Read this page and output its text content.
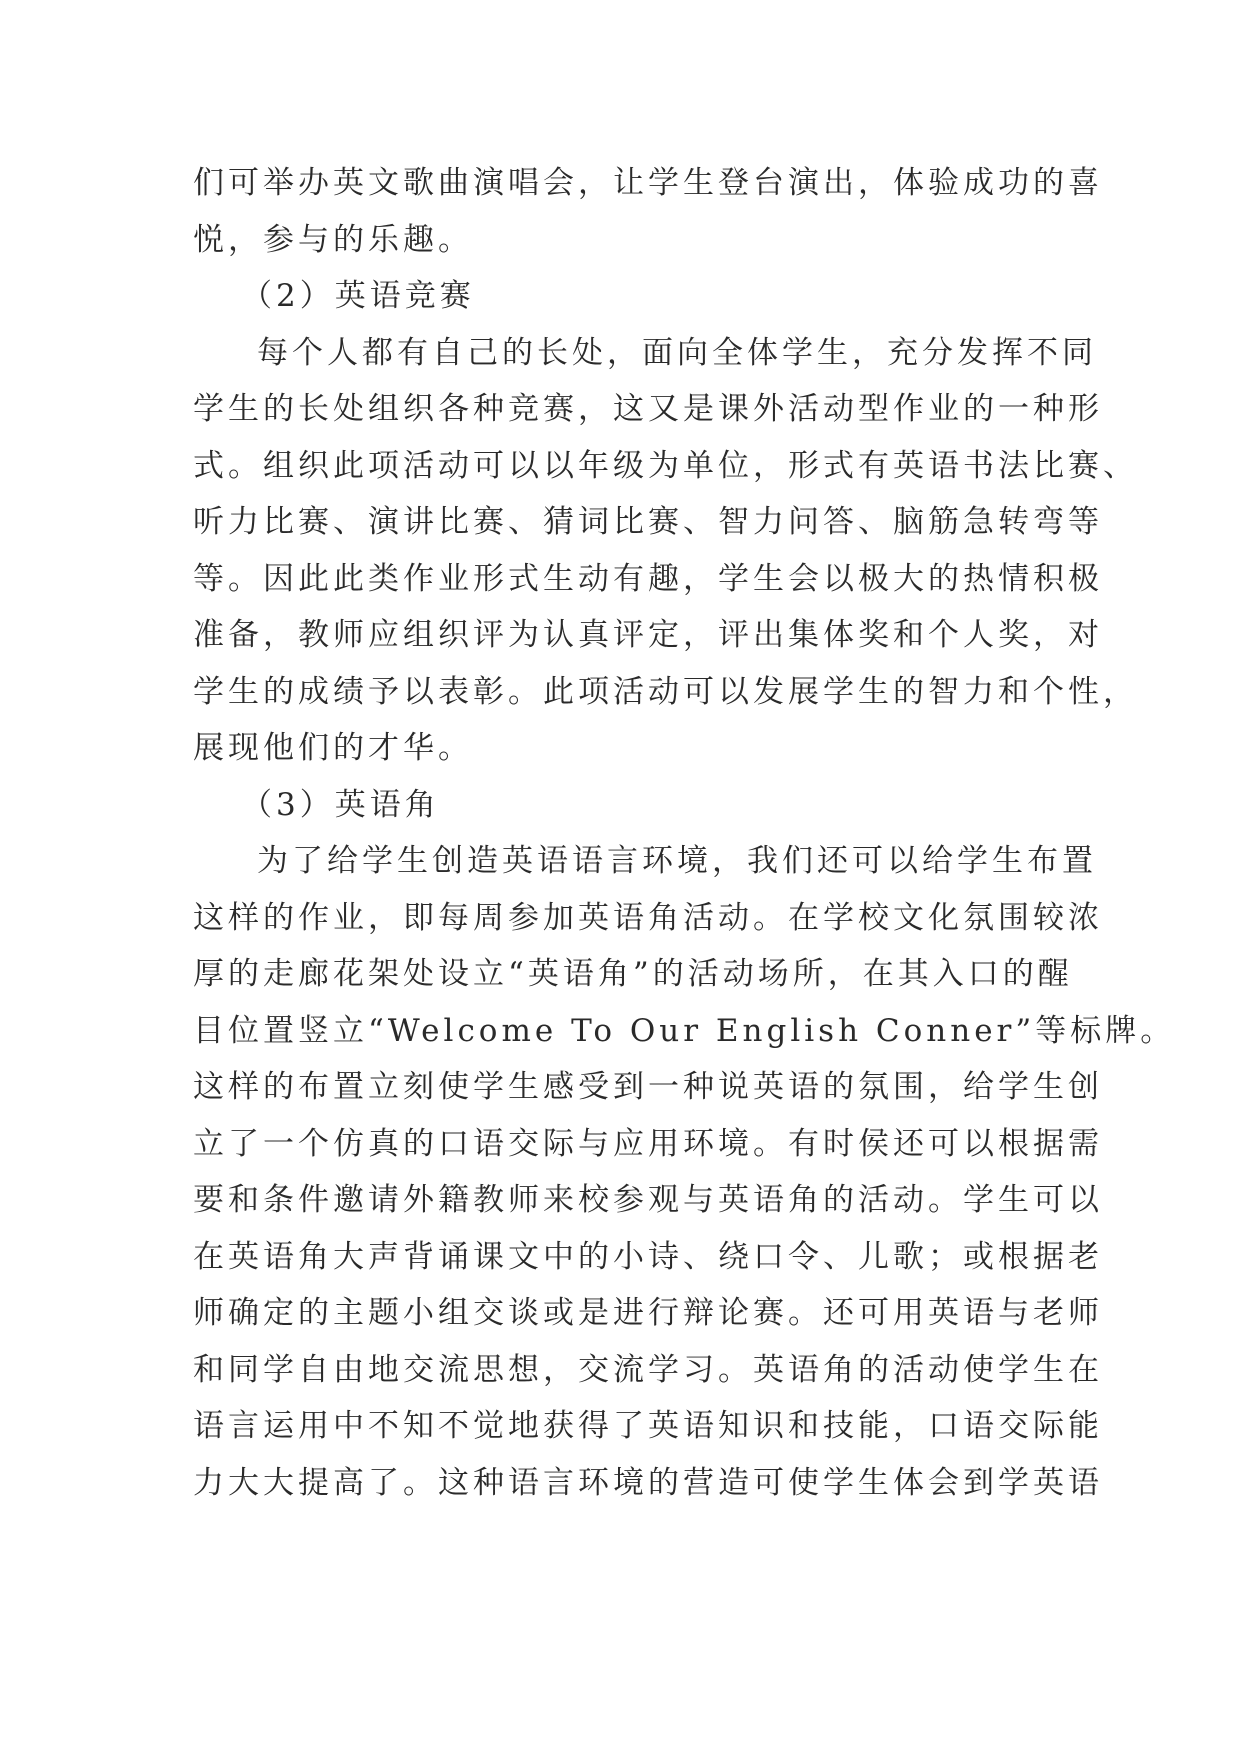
们可举办英文歌曲演唱会，让学生登台演出，体验成功的喜
悦，参与的乐趣。
（2）英语竞赛
每个人都有自己的长处，面向全体学生，充分发挥不同
学生的长处组织各种竞赛，这又是课外活动型作业的一种形
式。组织此项活动可以以年级为单位，形式有英语书法比赛、
听力比赛、演讲比赛、猜词比赛、智力问答、脑筋急转弯等
等。因此此类作业形式生动有趣，学生会以极大的热情积极
准备，教师应组织评为认真评定，评出集体奖和个人奖，对
学生的成绩予以表彰。此项活动可以发展学生的智力和个性，
展现他们的才华。
（3）英语角
为了给学生创造英语语言环境，我们还可以给学生布置
这样的作业，即每周参加英语角活动。在学校文化氛围较浓
厚的走廊花架处设立“英语角”的活动场所，在其入口的醒
目位置竖立“Welcome To Our English Conner”等标牌。
这样的布置立刻使学生感受到一种说英语的氛围，给学生创
立了一个仿真的口语交际与应用环境。有时侯还可以根据需
要和条件邀请外籍教师来校参观与英语角的活动。学生可以
在英语角大声背诵课文中的小诗、绕口令、儿歌；或根据老
师确定的主题小组交谈或是进行辩论赛。还可用英语与老师
和同学自由地交流思想，交流学习。英语角的活动使学生在
语言运用中不知不觉地获得了英语知识和技能，口语交际能
力大大提高了。这种语言环境的营造可使学生体会到学英语
